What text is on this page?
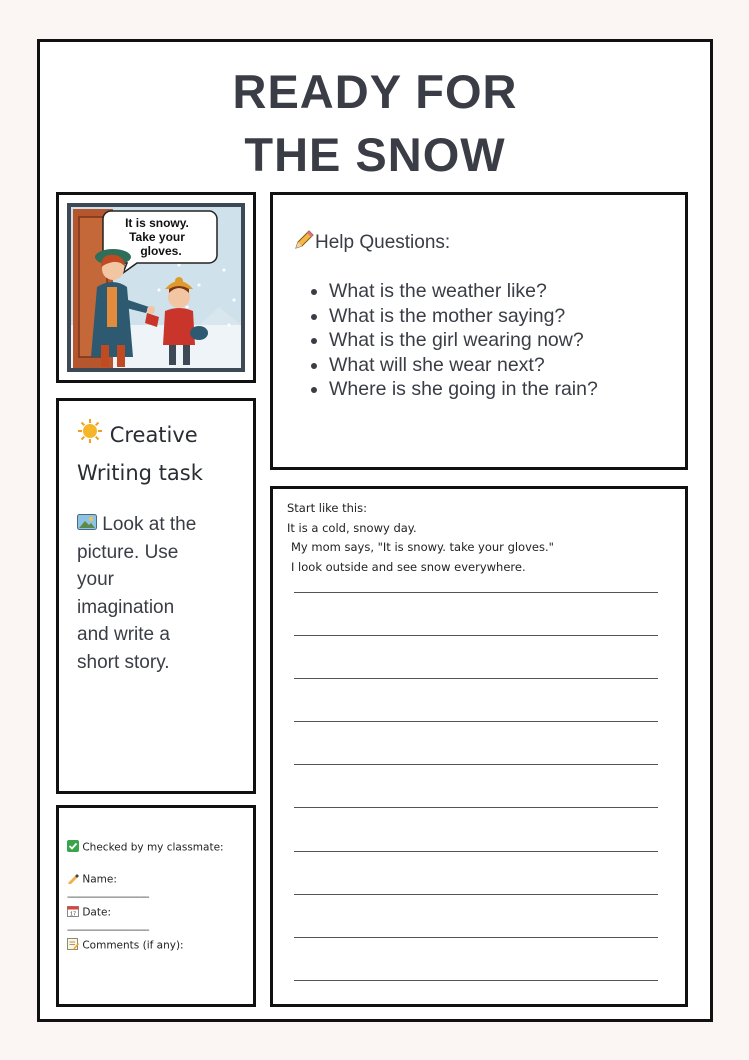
READY FOR
THE SNOW
It is snowy.
Take your
gloves.
Creative
Writing task
Look at the
picture. Use
your
imagination
and write a
short story.
Checked by my classmate:
Name:
-----------------------------------
17 Date:
-----------------------------------
Comments (if any):
Help Questions:
• What is the weather like?
• What is the mother saying?
• What is the girl wearing now?
• What will she wear next?
• Where is she going in the rain?
Start like this:
It is a cold, snowy day.
My mom says, "It is snowy. take your gloves."
I look outside and see snow everywhere.
